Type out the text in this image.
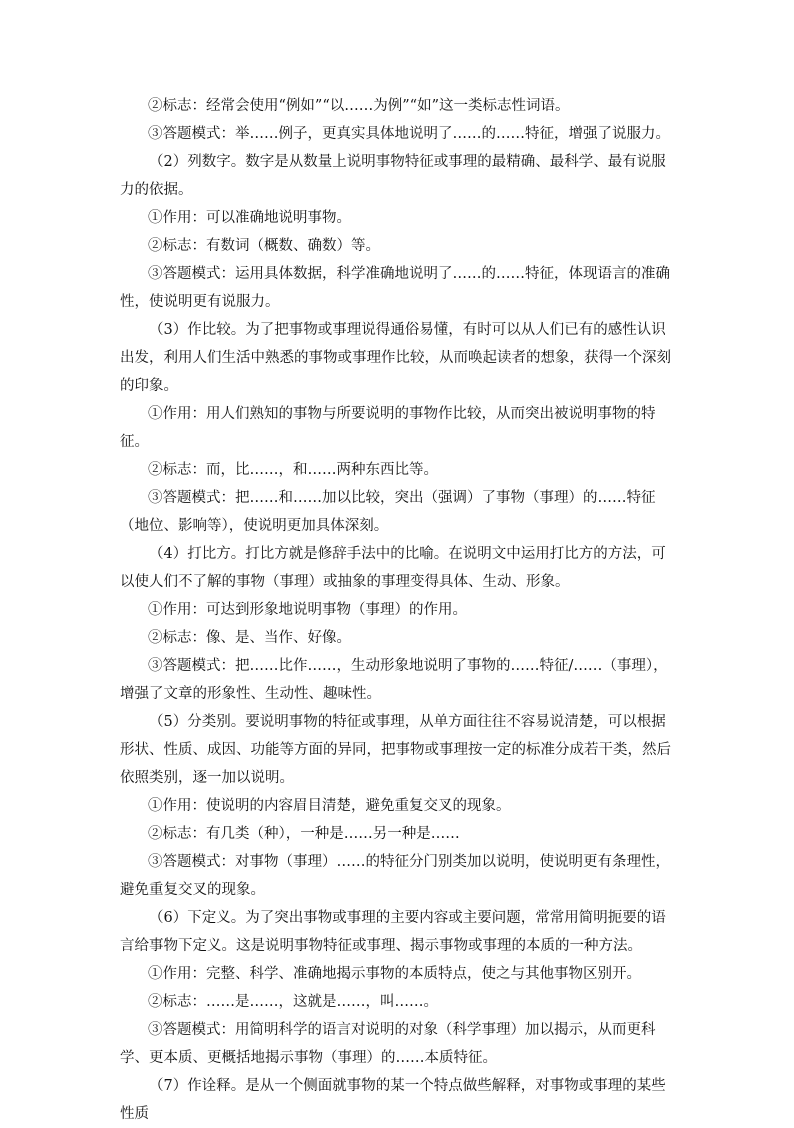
②标志：经常会使用“例如”“以……为例”“如”这一类标志性词语。

③答题模式：举……例子，更真实具体地说明了……的……特征，增强了说服力。

（2）列数字。数字是从数量上说明事物特征或事理的最精确、最科学、最有说服力的依据。

①作用：可以准确地说明事物。

②标志：有数词（概数、确数）等。

③答题模式：运用具体数据，科学准确地说明了……的……特征，体现语言的准确性，使说明更有说服力。

（3）作比较。为了把事物或事理说得通俗易懂，有时可以从人们已有的感性认识出发，利用人们生活中熟悉的事物或事理作比较，从而唤起读者的想象，获得一个深刻的印象。

①作用：用人们熟知的事物与所要说明的事物作比较，从而突出被说明事物的特征。

②标志：而，比……，和……两种东西比等。

③答题模式：把……和……加以比较，突出（强调）了事物（事理）的……特征（地位、影响等），使说明更加具体深刻。

（4）打比方。打比方就是修辞手法中的比喻。在说明文中运用打比方的方法，可以使人们不了解的事物（事理）或抽象的事理变得具体、生动、形象。

①作用：可达到形象地说明事物（事理）的作用。

②标志：像、是、当作、好像。

③答题模式：把……比作……，生动形象地说明了事物的……特征/……（事理），增强了文章的形象性、生动性、趣味性。

（5）分类别。要说明事物的特征或事理，从单方面往往不容易说清楚，可以根据形状、性质、成因、功能等方面的异同，把事物或事理按一定的标准分成若干类，然后依照类别，逐一加以说明。

①作用：使说明的内容眉目清楚，避免重复交叉的现象。

②标志：有几类（种），一种是……另一种是……

③答题模式：对事物（事理）……的特征分门别类加以说明，使说明更有条理性，避免重复交叉的现象。

（6）下定义。为了突出事物或事理的主要内容或主要问题，常常用简明扼要的语言给事物下定义。这是说明事物特征或事理、揭示事物或事理的本质的一种方法。

①作用：完整、科学、准确地揭示事物的本质特点，使之与其他事物区别开。

②标志：……是……，这就是……，叫……。

③答题模式：用简明科学的语言对说明的对象（科学事理）加以揭示，从而更科学、更本质、更概括地揭示事物（事理）的……本质特征。

（7）作诠释。是从一个侧面就事物的某一个特点做些解释，对事物或事理的某些性质
